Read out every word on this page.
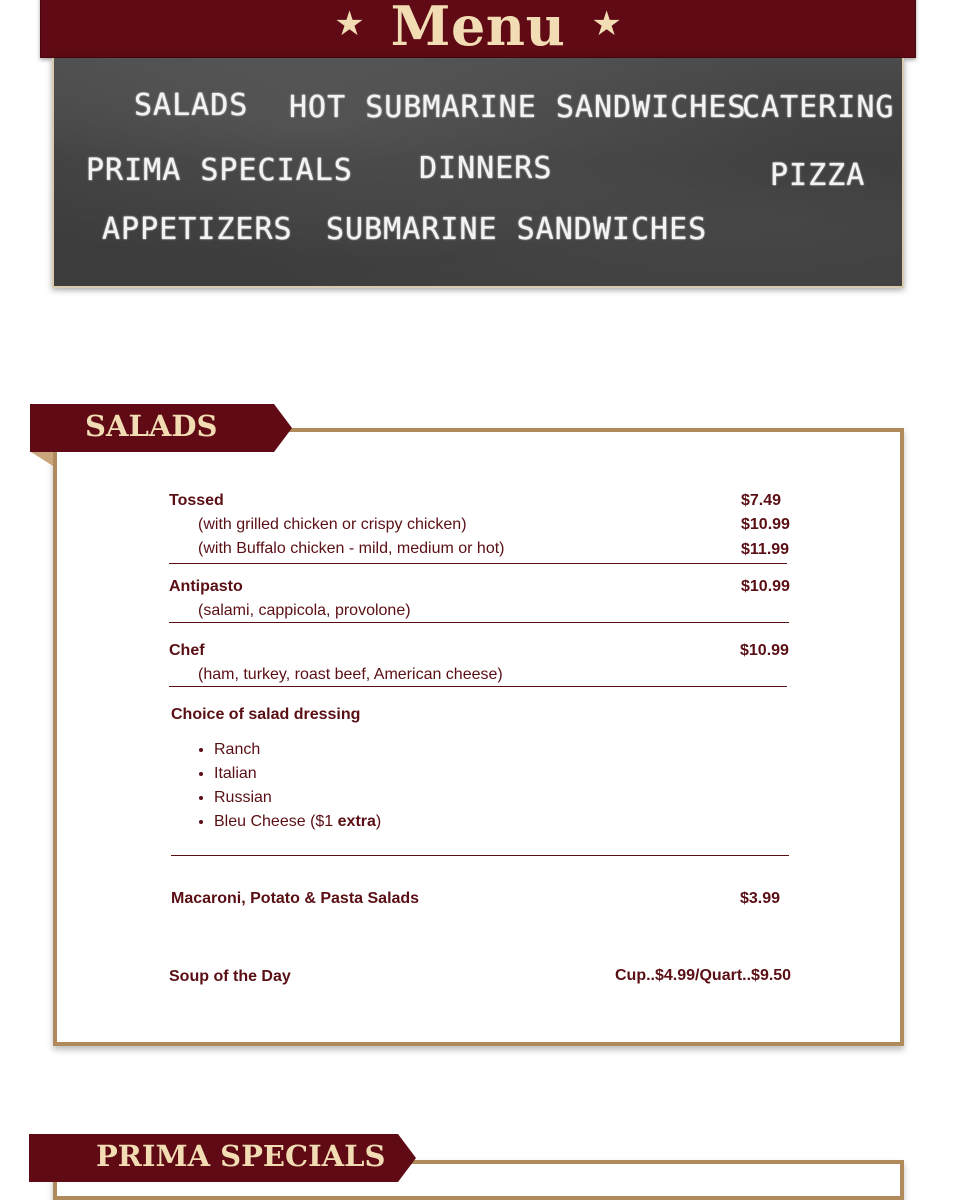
★ Menu ★
SALADS HOT SUBMARINE SANDWICHES
CATERING
PRIMA SPECIALS DINNERS	PIZZA
APPETIZERS SUBMARINE SANDWICHES
SALADS
Tossed	$7.49
(with grilled chicken or crispy chicken)	$10.99
(with Buffalo chicken - mild, medium or hot)	$11.99
Antipasto	$10.99
(salami, cappicola, provolone)
Chef	$10.99
(ham, turkey, roast beef, American cheese)
Choice of salad dressing
• Ranch
• Italian
• Russian
• Bleu Cheese ($1 extra)
Macaroni, Potato & Pasta Salads	$3.99
Soup of the Day	Cup..$4.99/Quart..$9.50
PRIMA SPECIALS
